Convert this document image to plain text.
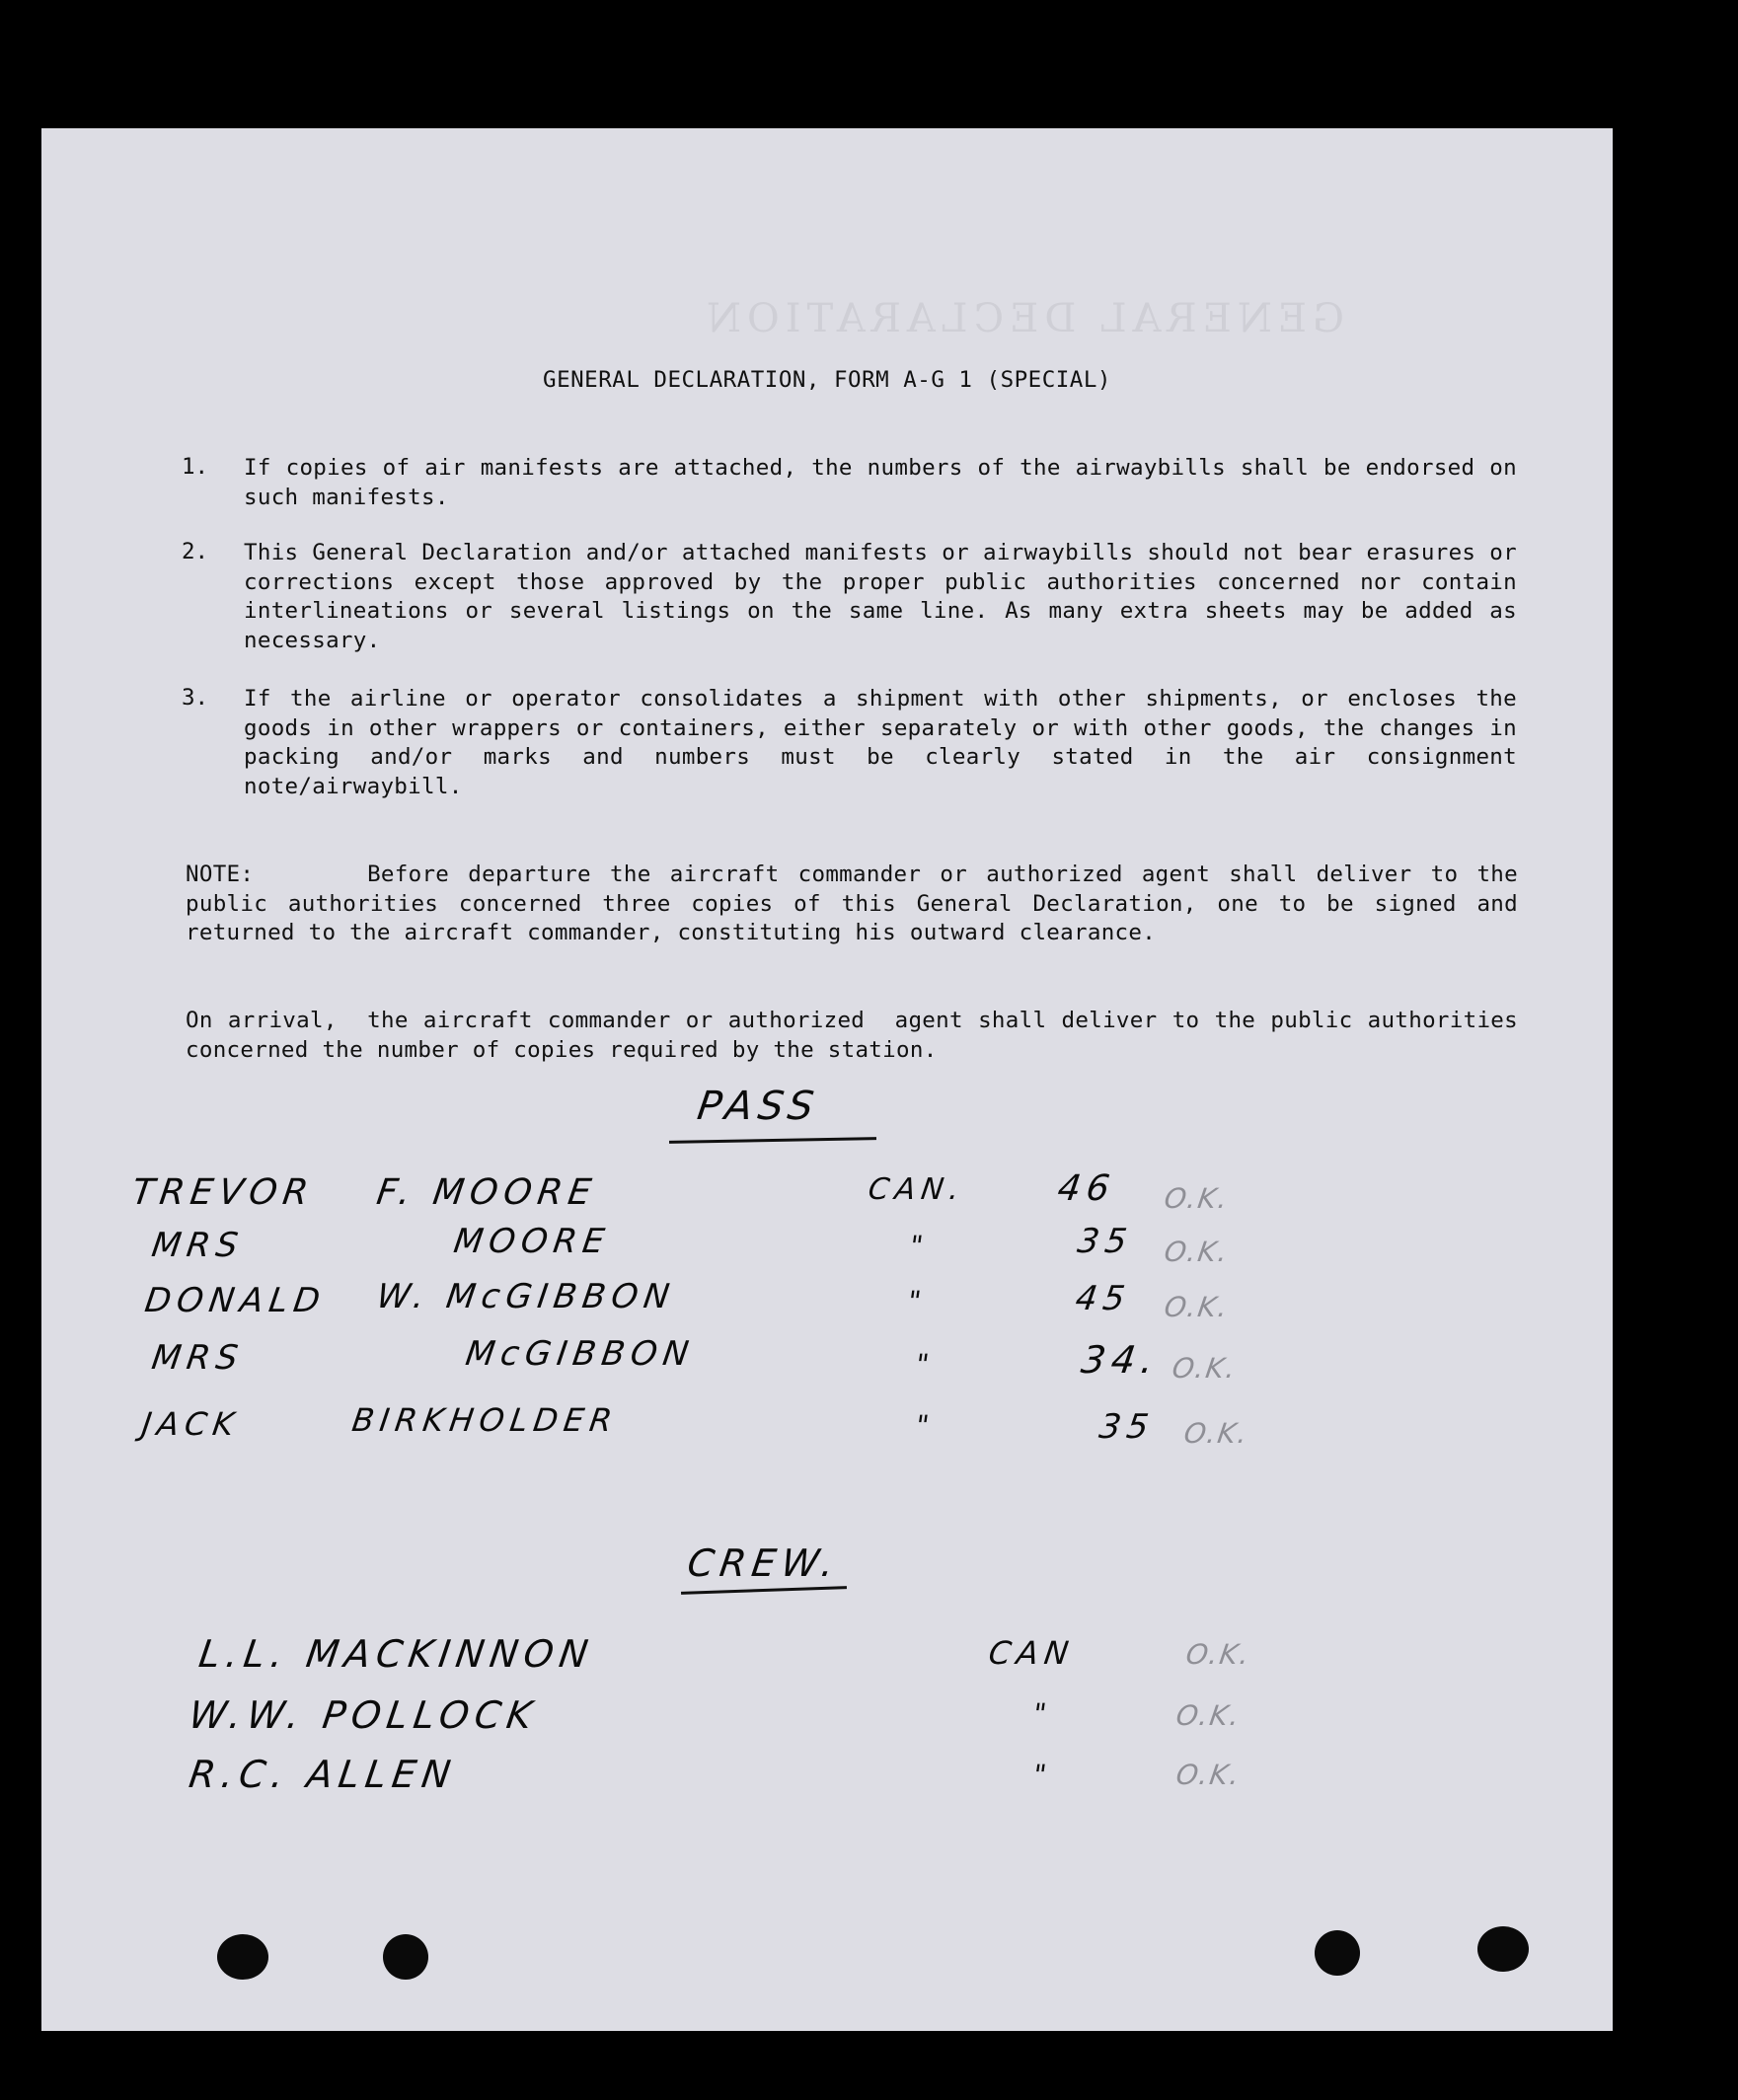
GENERAL DECLARATION
GENERAL DECLARATION, FORM A-G 1 (SPECIAL)
1. If copies of air manifests are attached, the numbers of the airwaybills shall be endorsed on such manifests.
2. This General Declaration and/or attached manifests or airwaybills should not bear erasures or corrections except those approved by the proper public authorities concerned nor contain interlineations or several listings on the same line. As many extra sheets may be added as necessary.
3. If the airline or operator consolidates a shipment with other shipments, or encloses the goods in other wrappers or containers, either separately or with other goods, the changes in packing and/or marks and numbers must be clearly stated in the air consignment note/airwaybill.
NOTE:      Before departure the aircraft commander or authorized agent shall deliver to the public authorities concerned three copies of this General Declaration, one to be signed and returned to the aircraft commander, constituting his outward clearance.
On arrival,  the aircraft commander or authorized  agent shall deliver to the public authorities concerned the number of copies required by the station.
PASS
TREVOR F. MOORE	CAN. 46 O.K.
MRS	MOORE	"	35 O.K.
DONALD W. McGIBBON	"	45 O.K.
MRS	McGIBBON	"	34. O.K.
JACK	BIRKHOLDER	"	35 O.K.
CREW.
L.L. MACKINNON	CAN	O.K.
W.W. POLLOCK	"	O.K.
R.C. ALLEN	"	O.K.
